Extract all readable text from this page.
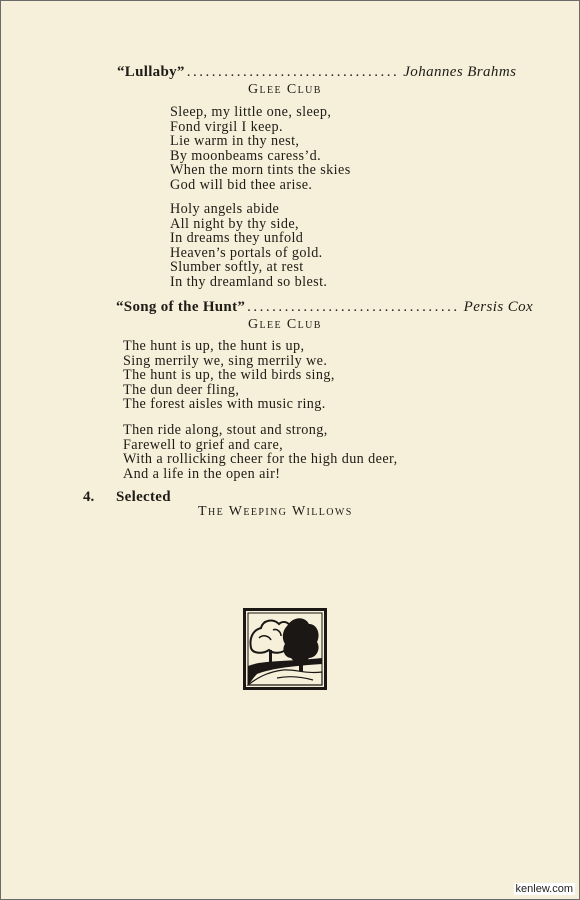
“Lullaby” .................................. Johannes Brahms
Glee Club
Sleep, my little one, sleep,
Fond virgil I keep.
Lie warm in thy nest,
By moonbeams caress’d.
When the morn tints the skies
God will bid thee arise.
Holy angels abide
All night by thy side,
In dreams they unfold
Heaven’s portals of gold.
Slumber softly, at rest
In thy dreamland so blest.
“Song of the Hunt” .................................. Persis Cox
Glee Club
The hunt is up, the hunt is up,
Sing merrily we, sing merrily we.
The hunt is up, the wild birds sing,
The dun deer fling,
The forest aisles with music ring.
Then ride along, stout and strong,
Farewell to grief and care,
With a rollicking cheer for the high dun deer,
And a life in the open air!
4. Selected
The Weeping Willows
kenlew.com
